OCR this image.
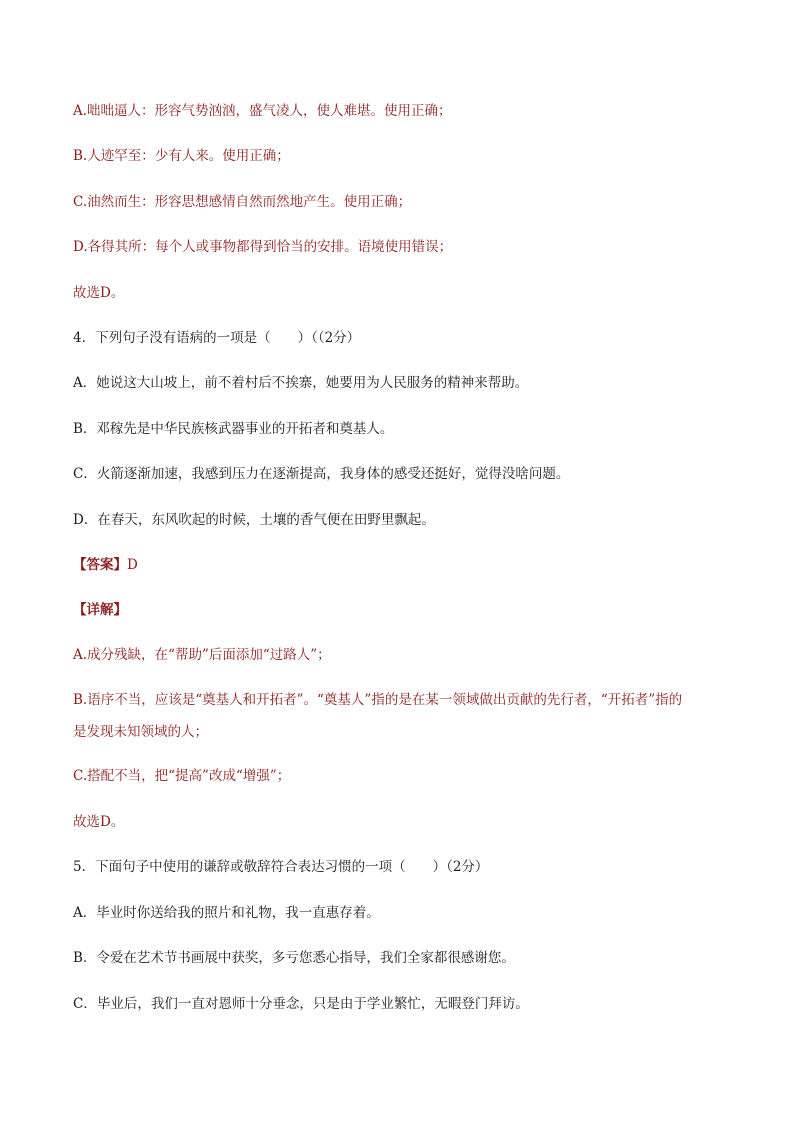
A.咄咄逼人：形容气势汹汹，盛气凌人，使人难堪。使用正确；
B.人迹罕至：少有人来。使用正确；
C.油然而生：形容思想感情自然而然地产生。使用正确；
D.各得其所：每个人或事物都得到恰当的安排。语境使用错误；
故选D。
4．下列句子没有语病的一项是（　　）（（2分）
A．她说这大山坡上，前不着村后不挨寨，她要用为人民服务的精神来帮助。
B．邓稼先是中华民族核武器事业的开拓者和奠基人。
C．火箭逐渐加速，我感到压力在逐渐提高，我身体的感受还挺好，觉得没啥问题。
D．在春天，东风吹起的时候，土壤的香气便在田野里飘起。
【答案】D
【详解】
A.成分残缺，在“帮助”后面添加“过路人”；
B.语序不当，应该是“奠基人和开拓者”。“奠基人”指的是在某一领域做出贡献的先行者，“开拓者”指的
是发现未知领域的人；
C.搭配不当，把“提高”改成“增强”；
故选D。
5．下面句子中使用的谦辞或敬辞符合表达习惯的一项（　　）（2分）
A．毕业时你送给我的照片和礼物，我一直惠存着。
B．令爱在艺术节书画展中获奖，多亏您悉心指导，我们全家都很感谢您。
C．毕业后，我们一直对恩师十分垂念，只是由于学业繁忙，无暇登门拜访。
